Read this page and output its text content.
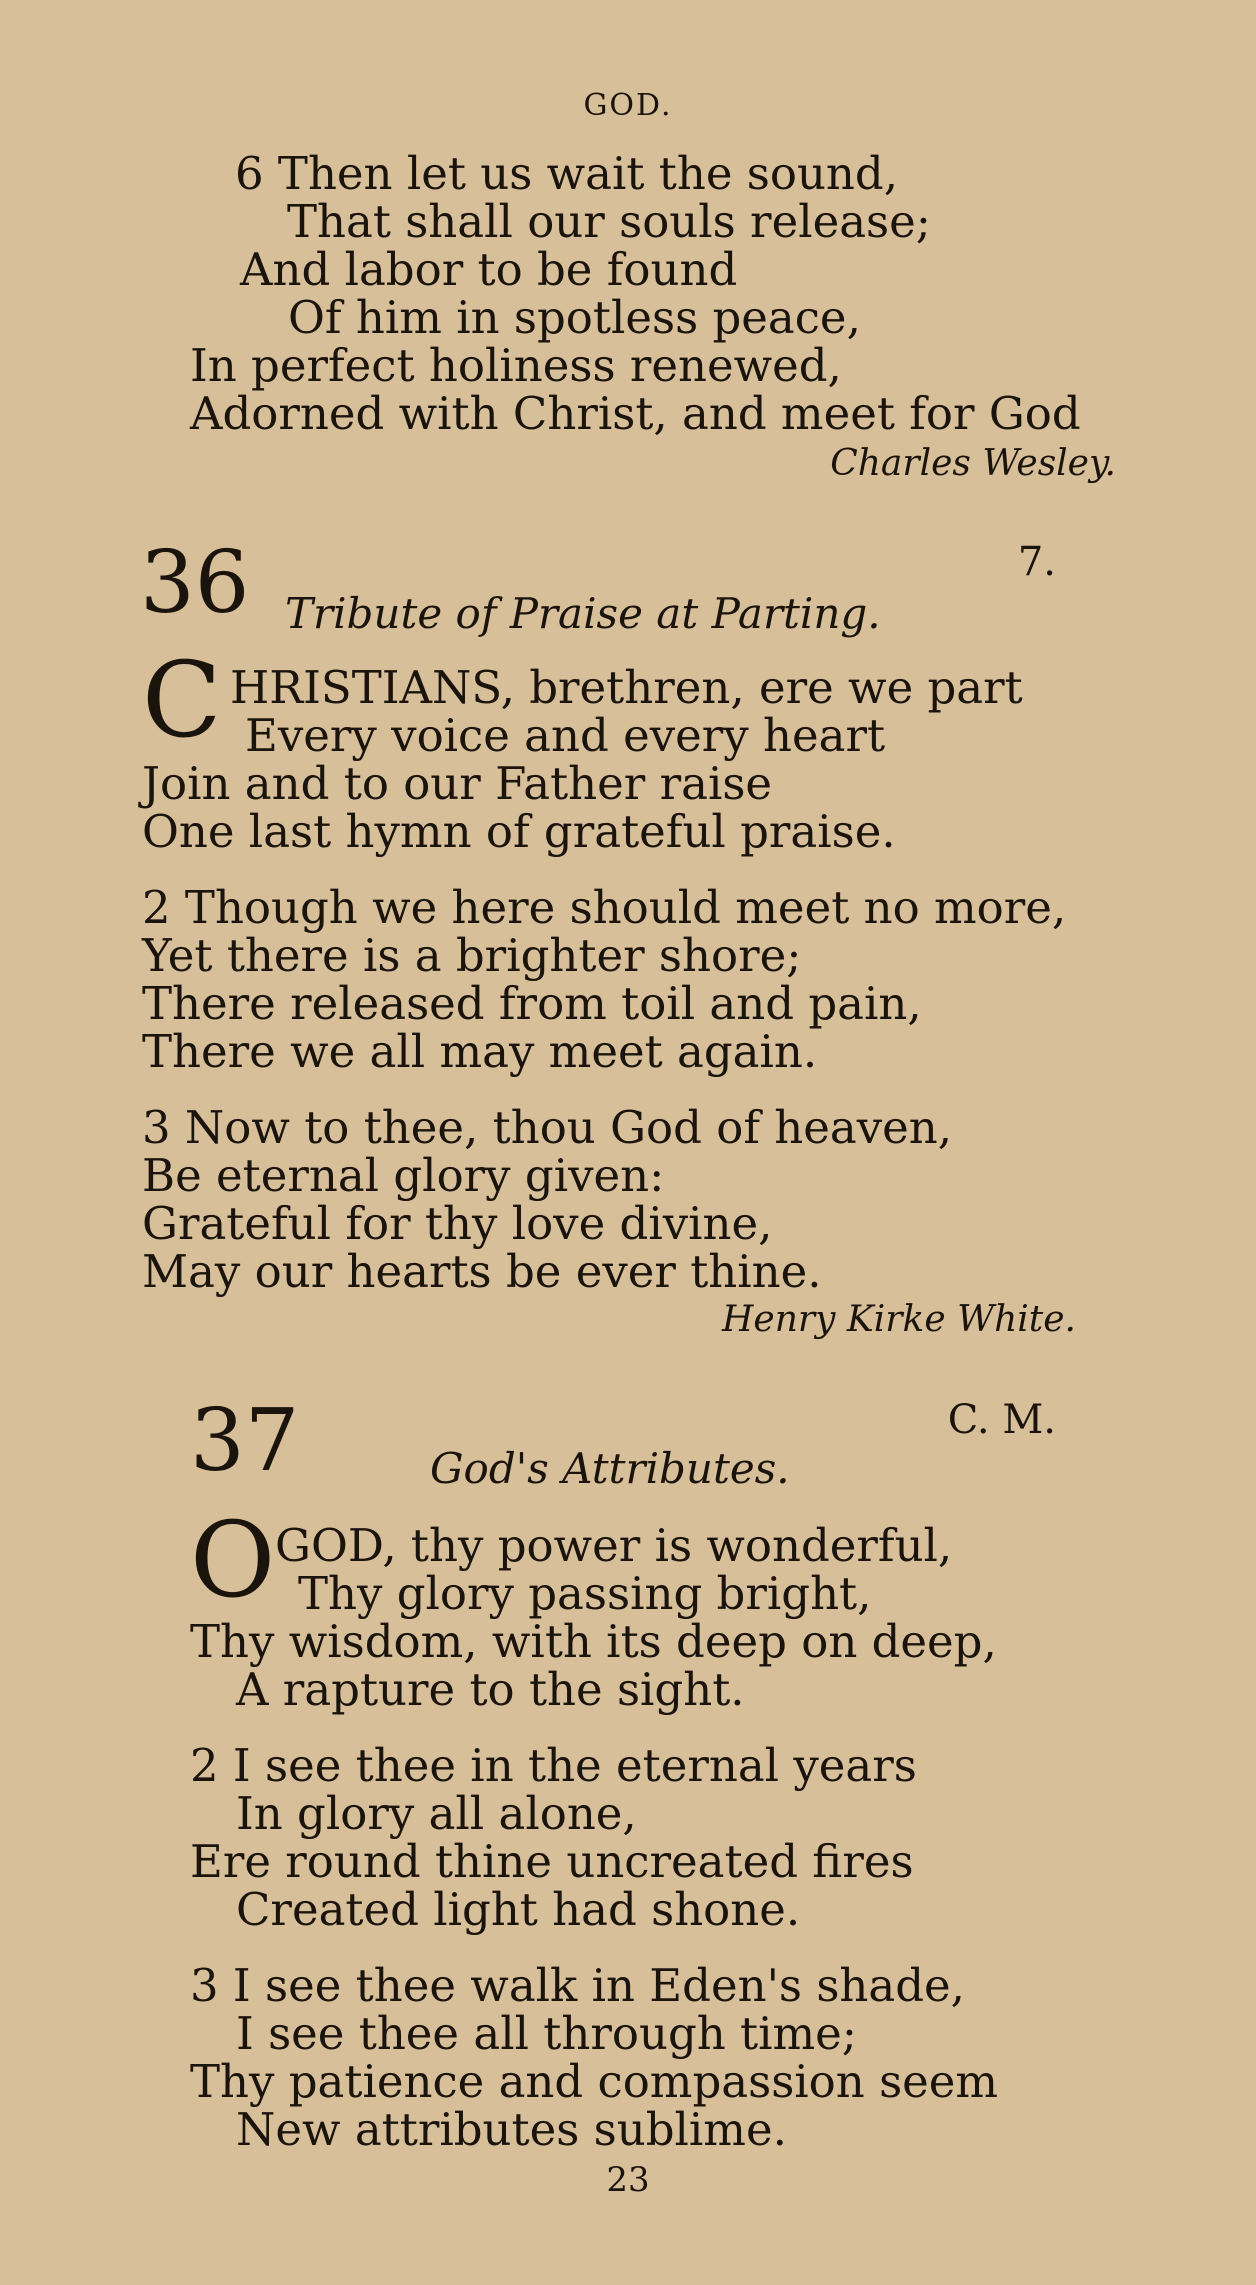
GOD.
6 Then let us wait the sound,
That shall our souls release;
And labor to be found
Of him in spotless peace,
In perfect holiness renewed,
Adorned with Christ, and meet for God
Charles Wesley.
36	7.
Tribute of Praise at Parting.
C HRISTIANS, brethren, ere we part
Every voice and every heart
Join and to our Father raise
One last hymn of grateful praise.
2 Though we here should meet no more,
Yet there is a brighter shore;
There released from toil and pain,
There we all may meet again.
3 Now to thee, thou God of heaven,
Be eternal glory given:
Grateful for thy love divine,
May our hearts be ever thine.
Henry Kirke White.
37	C. M.
God's Attributes.
O GOD, thy power is wonderful,
Thy glory passing bright,
Thy wisdom, with its deep on deep,
A rapture to the sight.
2 I see thee in the eternal years
In glory all alone,
Ere round thine uncreated fires
Created light had shone.
3 I see thee walk in Eden's shade,
I see thee all through time;
Thy patience and compassion seem
New attributes sublime.
23
